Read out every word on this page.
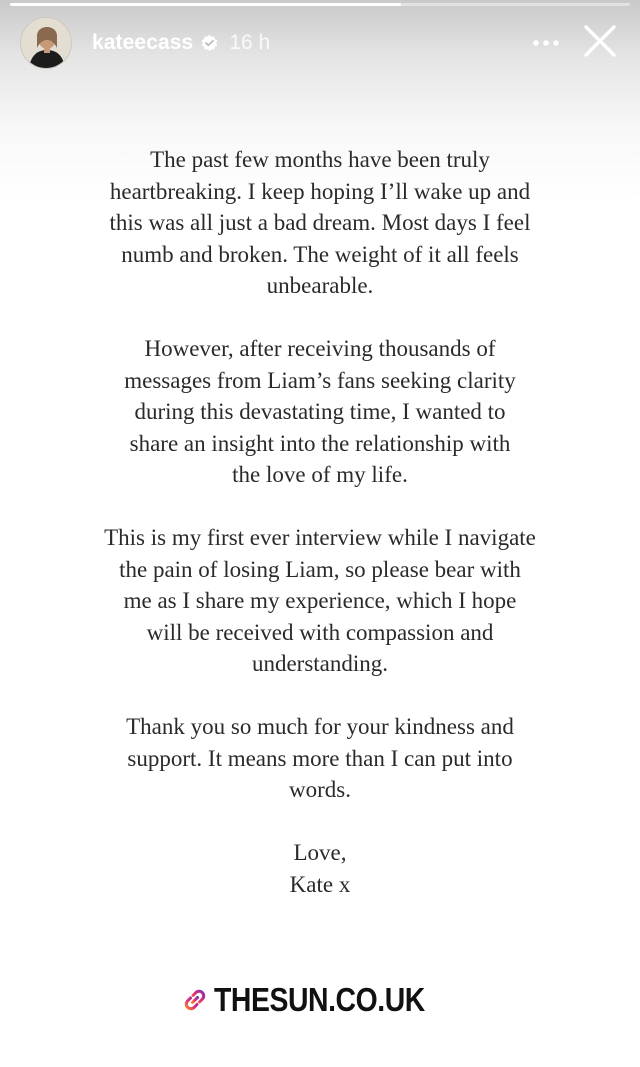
kateecass 16 h

The past few months have been truly
heartbreaking. I keep hoping I’ll wake up and
this was all just a bad dream. Most days I feel
numb and broken. The weight of it all feels
unbearable.

However, after receiving thousands of
messages from Liam’s fans seeking clarity
during this devastating time, I wanted to
share an insight into the relationship with
the love of my life.

This is my first ever interview while I navigate
the pain of losing Liam, so please bear with
me as I share my experience, which I hope
will be received with compassion and
understanding.

Thank you so much for your kindness and
support. It means more than I can put into
words.

Love,
Kate x

THESUN.CO.UK
